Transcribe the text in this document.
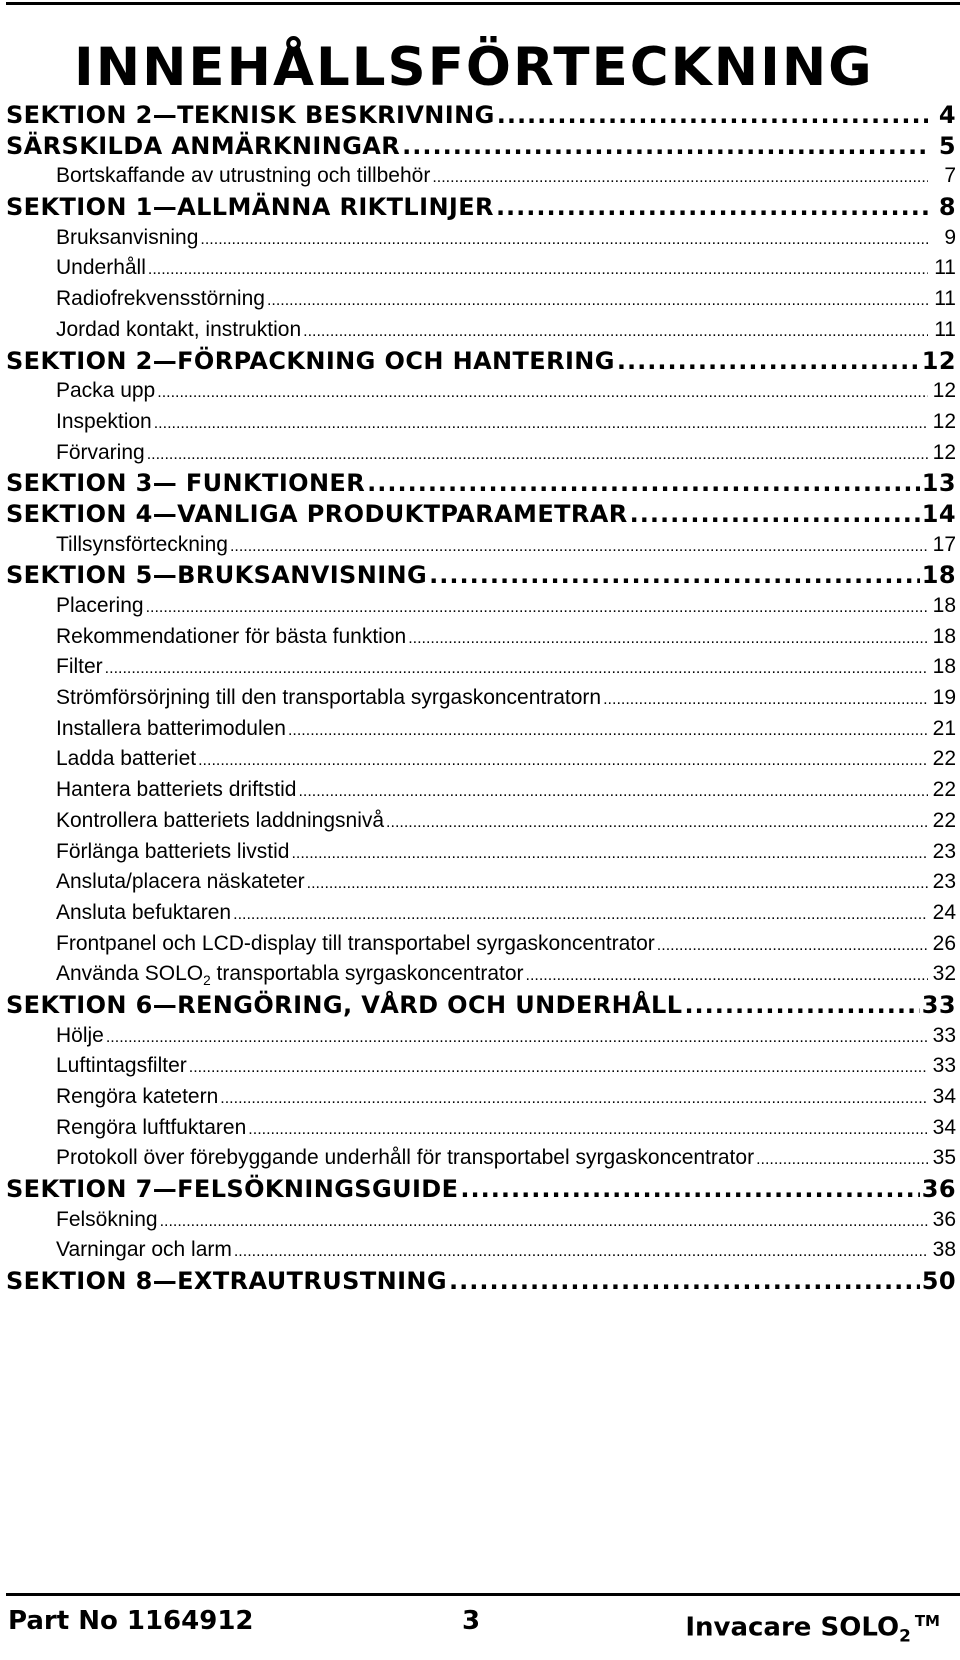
INNEHÅLLSFÖRTECKNING
SEKTION 2—TEKNISK BESKRIVNING .....	4
SÄRSKILDA ANMÄRKNINGAR .....	5
Bortskaffande av utrustning och tillbehör .....	7
SEKTION 1—ALLMÄNNA RIKTLINJER .....	8
Bruksanvisning .....	9
Underhåll .....	11
Radiofrekvensstörning .....	11
Jordad kontakt, instruktion .....	11
SEKTION 2—FÖRPACKNING OCH HANTERING .....	12
Packa upp .....	12
Inspektion .....	12
Förvaring .....	12
SEKTION 3— FUNKTIONER .....	13
SEKTION 4—VANLIGA PRODUKTPARAMETRAR .....	14
Tillsynsförteckning .....	17
SEKTION 5—BRUKSANVISNING .....	18
Placering .....	18
Rekommendationer för bästa funktion .....	18
Filter .....	18
Strömförsörjning till den transportabla syrgaskoncentratorn .....	19
Installera batterimodulen .....	21
Ladda batteriet .....	22
Hantera batteriets driftstid .....	22
Kontrollera batteriets laddningsnivå .....	22
Förlänga batteriets livstid .....	23
Ansluta/placera näskateter .....	23
Ansluta befuktaren .....	24
Frontpanel och LCD-display till transportabel syrgaskoncentrator .....	26
Använda $SOLO_2$ transportabla syrgaskoncentrator .....	32
SEKTION 6—RENGÖRING, VÅRD OCH UNDERHÅLL .....	33
Hölje .....	33
Luftintagsfilter .....	33
Rengöra katetern .....	34
Rengöra luftfuktaren .....	34
Protokoll över förebyggande underhåll för transportabel syrgaskoncentrator .....	35
SEKTION 7—FELSÖKNINGSGUIDE .....	36
Felsökning .....	36
Varningar och larm .....	38
SEKTION 8—EXTRAUTRUSTNING .....	50
Part No 1164912	3	Invacare $SOLO_2™$
